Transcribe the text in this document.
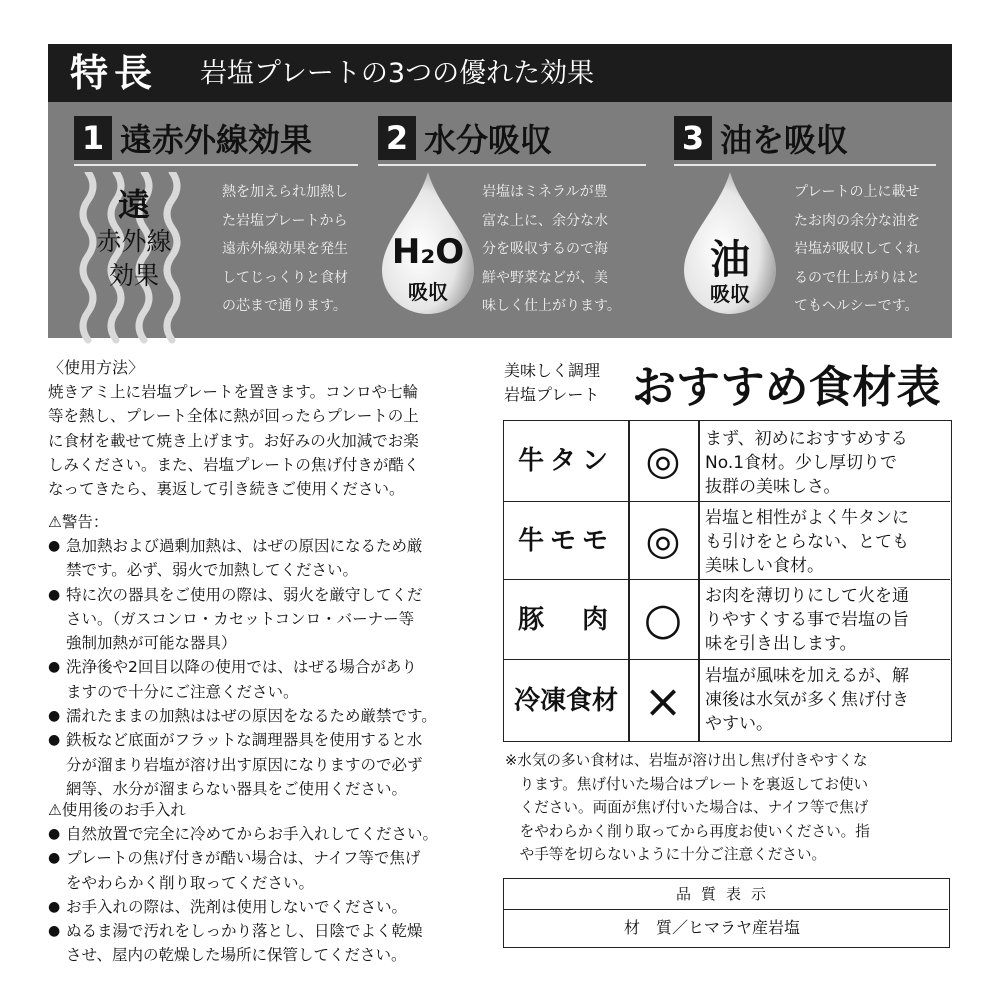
特長 岩塩プレートの3つの優れた効果
1 遠赤外線効果
遠
赤外線
効果
熱を加えられ加熱し
た岩塩プレートから
遠赤外線効果を発生
してじっくりと食材
の芯まで通ります。
2 水分吸収
H₂O
吸収
岩塩はミネラルが豊
富な上に、余分な水
分を吸収するので海
鮮や野菜などが、美
味しく仕上がります。
3 油を吸収
油
吸収
プレートの上に載せ
たお肉の余分な油を
岩塩が吸収してくれ
るので仕上がりはと
てもヘルシーです。
〈使用方法〉
焼きアミ上に岩塩プレートを置きます。コンロや七輪
等を熱し、プレート全体に熱が回ったらプレートの上
に食材を載せて焼き上げます。お好みの火加減でお楽
しみください。また、岩塩プレートの焦げ付きが酷く
なってきたら、裏返して引き続きご使用ください。
⚠警告：
● 急加熱および過剰加熱は、はぜの原因になるため厳
禁です。必ず、弱火で加熱してください。
● 特に次の器具をご使用の際は、弱火を厳守してくだ
さい。（ガスコンロ・カセットコンロ・バーナー等
強制加熱が可能な器具）
● 洗浄後や2回目以降の使用では、はぜる場合があり
ますので十分にご注意ください。
● 濡れたままの加熱ははぜの原因をなるため厳禁です。
● 鉄板など底面がフラットな調理器具を使用すると水
分が溜まり岩塩が溶け出す原因になりますので必ず
網等、水分が溜まらない器具をご使用ください。
⚠使用後のお手入れ
● 自然放置で完全に冷めてからお手入れしてください。
● プレートの焦げ付きが酷い場合は、ナイフ等で焦げ
をやわらかく削り取ってください。
● お手入れの際は、洗剤は使用しないでください。
● ぬるま湯で汚れをしっかり落とし、日陰でよく乾燥
させ、屋内の乾燥した場所に保管してください。
美味しく調理
岩塩プレート おすすめ食材表
牛タン ◎	まず、初めにおすすめする
No.1食材。少し厚切りで
抜群の美味しさ。
牛モモ ◎	岩塩と相性がよく牛タンに
も引けをとらない、とても
美味しい食材。
豚　肉 ○	お肉を薄切りにして火を通
りやすくする事で岩塩の旨
味を引き出します。
冷凍食材 ×	岩塩が風味を加えるが、解
凍後は水気が多く焦げ付き
やすい。
※水気の多い食材は、岩塩が溶け出し焦げ付きやすくな
　ります。焦げ付いた場合はプレートを裏返してお使い
　ください。両面が焦げ付いた場合は、ナイフ等で焦げ
　をやわらかく削り取ってから再度お使いください。指
　や手等を切らないように十分ご注意ください。
品質表示
材　質／ヒマラヤ産岩塩
